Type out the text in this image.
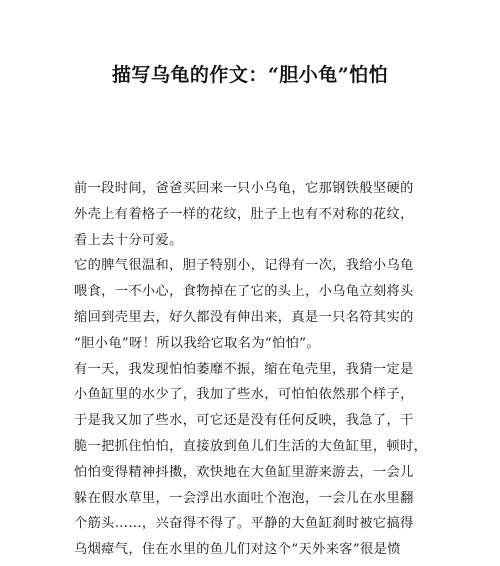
描写乌龟的作文：“胆小龟”怕怕
前一段时间，爸爸买回来一只小乌龟，它那钢铁般坚硬的
外壳上有着格子一样的花纹，肚子上也有不对称的花纹，
看上去十分可爱。
它的脾气很温和，胆子特别小，记得有一次，我给小乌龟
喂食，一不小心，食物掉在了它的头上，小乌龟立刻将头
缩回到壳里去，好久都没有伸出来，真是一只名符其实的
“胆小龟”呀！所以我给它取名为“怕怕”。
有一天，我发现怕怕萎靡不振，缩在龟壳里，我猜一定是
小鱼缸里的水少了，我加了些水，可怕怕依然那个样子，
于是我又加了些水，可它还是没有任何反映，我急了，干
脆一把抓住怕怕，直接放到鱼儿们生活的大鱼缸里，顿时，
怕怕变得精神抖擞，欢快地在大鱼缸里游来游去，一会儿
躲在假水草里，一会浮出水面吐个泡泡，一会儿在水里翻
个筋头……，兴奋得不得了。平静的大鱼缸刹时被它搞得
乌烟瘴气，住在水里的鱼儿们对这个“天外来客”很是愤
